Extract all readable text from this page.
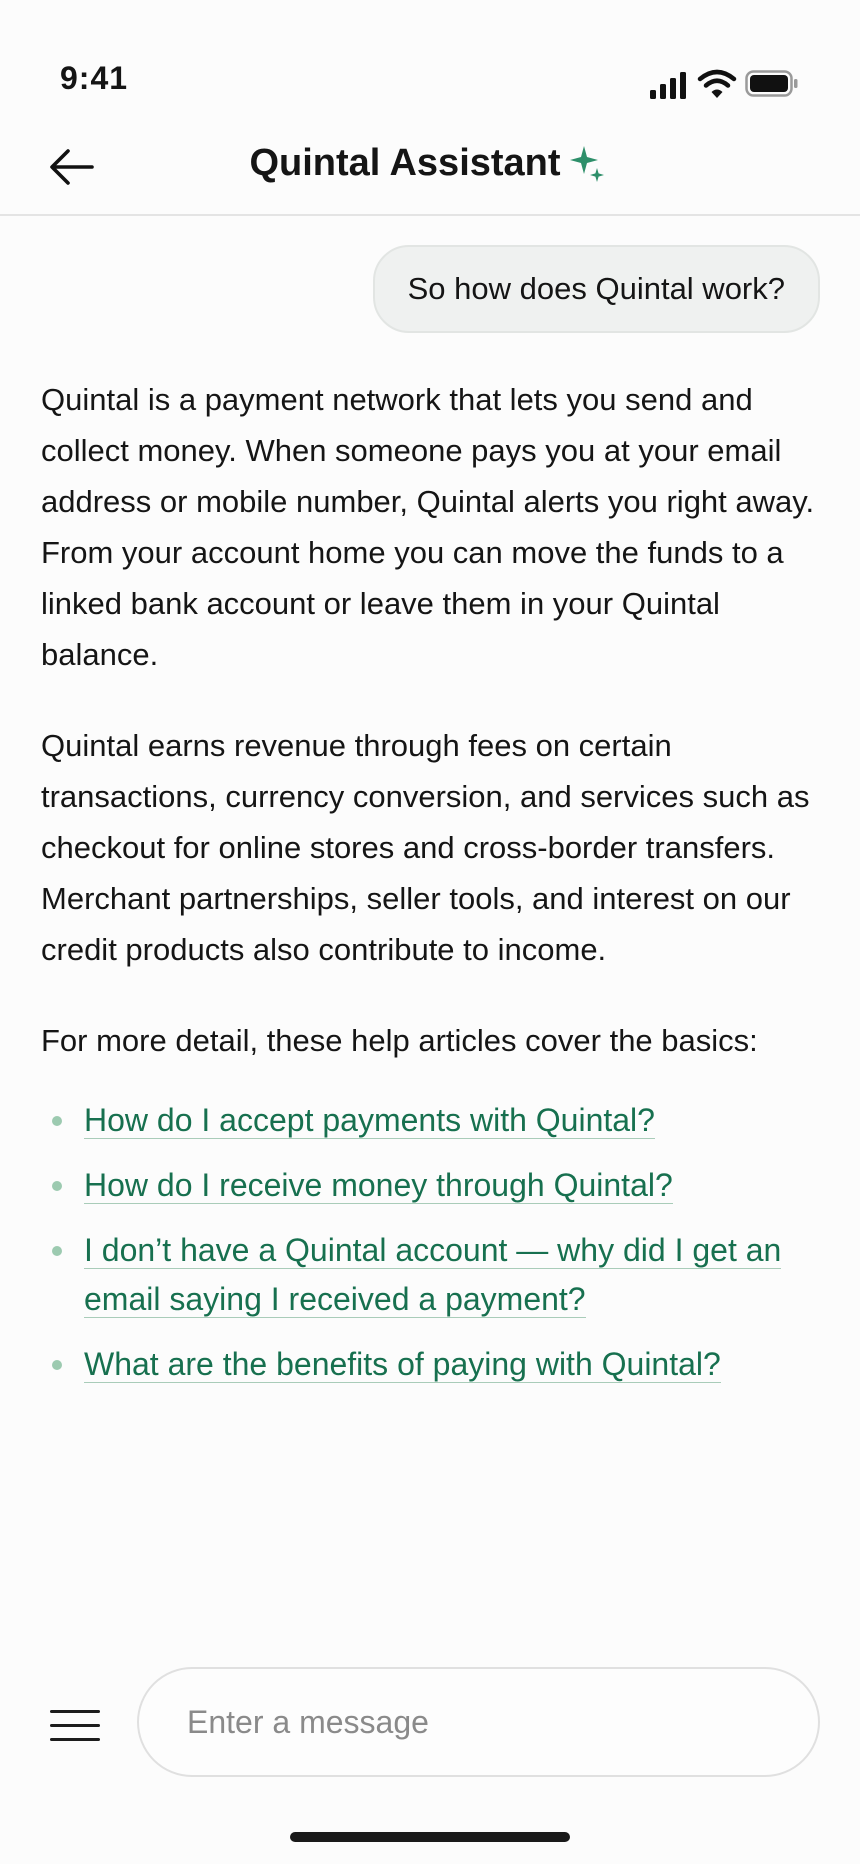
9:41
Quintal Assistant
So how does Quintal work?

Quintal is a payment network that lets you send and collect money. When someone pays you at your email address or mobile number, Quintal alerts you right away. From your account home you can move the funds to a linked bank account or leave them in your Quintal balance.

Quintal earns revenue through fees on certain transactions, currency conversion, and services such as checkout for online stores and cross-border transfers. Merchant partnerships, seller tools, and interest on our credit products also contribute to income.

For more detail, these help articles cover the basics:

How do I accept payments with Quintal?
How do I receive money through Quintal?
I don’t have a Quintal account — why did I get an email saying I received a payment?
What are the benefits of paying with Quintal?
Enter a message
